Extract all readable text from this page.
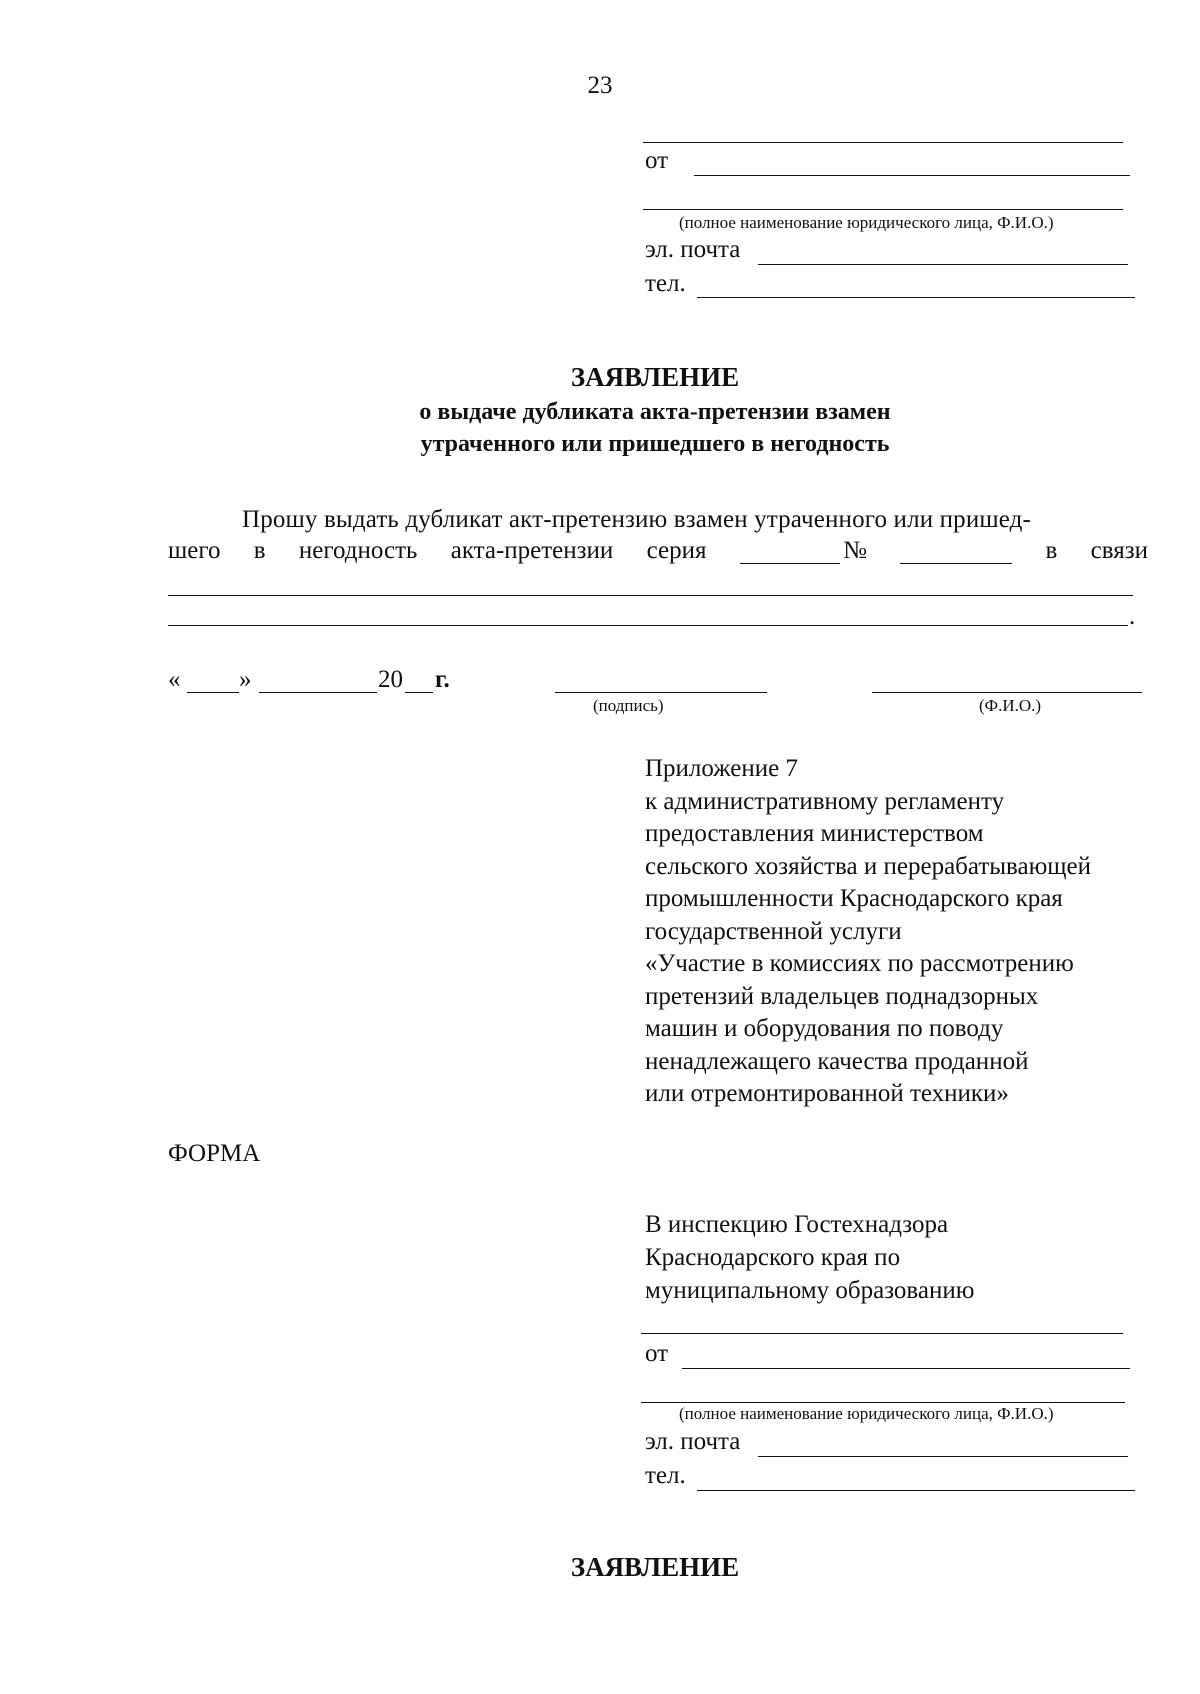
23
от
(полное наименование юридического лица, Ф.И.О.)
эл. почта
тел.
ЗАЯВЛЕНИЕ
о выдаче дубликата акта-претензии взамен
утраченного или пришедшего в негодность
Прошу выдать дубликат акт-претензию взамен утраченного или пришед-
шего в негодность акта-претензии серия	№	в связи
.
« »	20 г.
(подпись)	(Ф.И.О.)
Приложение 7
к административному регламенту
предоставления министерством
сельского хозяйства и перерабатывающей
промышленности Краснодарского края
государственной услуги
«Участие в комиссиях по рассмотрению
претензий владельцев поднадзорных
машин и оборудования по поводу
ненадлежащего качества проданной
или отремонтированной техники»
ФОРМА
В инспекцию Гостехнадзора
Краснодарского края по
муниципальному образованию
от
(полное наименование юридического лица, Ф.И.О.)
эл. почта
тел.
ЗАЯВЛЕНИЕ
